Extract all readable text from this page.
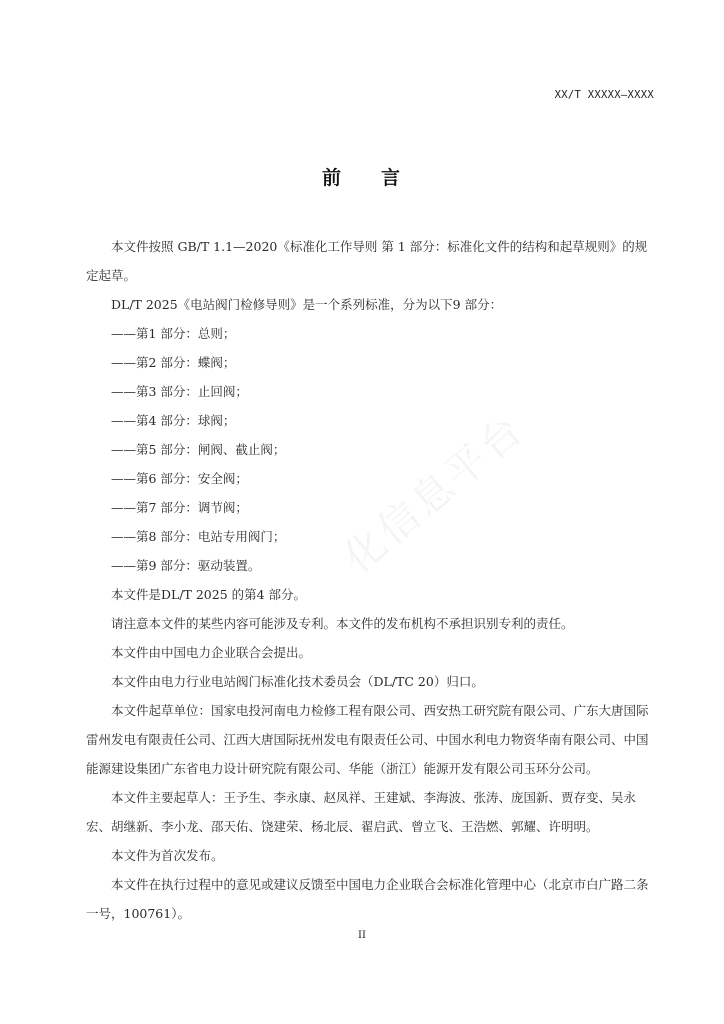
化信息平台
XX/T XXXXX—XXXX
前 言

本文件按照 GB/T 1.1—2020《标准化工作导则 第 1 部分：标准化文件的结构和起草规则》的规定起草。

DL/T 2025《电站阀门检修导则》是一个系列标准，分为以下9 部分：

——第1 部分：总则；

——第2 部分：蝶阀；

——第3 部分：止回阀；

——第4 部分：球阀；

——第5 部分：闸阀、截止阀；

——第6 部分：安全阀；

——第7 部分：调节阀；

——第8 部分：电站专用阀门；

——第9 部分：驱动装置。

本文件是DL/T 2025 的第4 部分。

请注意本文件的某些内容可能涉及专利。本文件的发布机构不承担识别专利的责任。

本文件由中国电力企业联合会提出。

本文件由电力行业电站阀门标准化技术委员会（DL/TC 20）归口。

本文件起草单位：国家电投河南电力检修工程有限公司、西安热工研究院有限公司、广东大唐国际雷州发电有限责任公司、江西大唐国际抚州发电有限责任公司、中国水利电力物资华南有限公司、中国能源建设集团广东省电力设计研究院有限公司、华能（浙江）能源开发有限公司玉环分公司。

本文件主要起草人：王予生、李永康、赵凤祥、王建斌、李海波、张涛、庞国新、贾存变、吴永宏、胡继新、李小龙、邵天佑、饶建荣、杨北辰、翟启武、曾立飞、王浩燃、郭耀、许明明。

本文件为首次发布。

本文件在执行过程中的意见或建议反馈至中国电力企业联合会标准化管理中心（北京市白广路二条一号，100761）。

II
